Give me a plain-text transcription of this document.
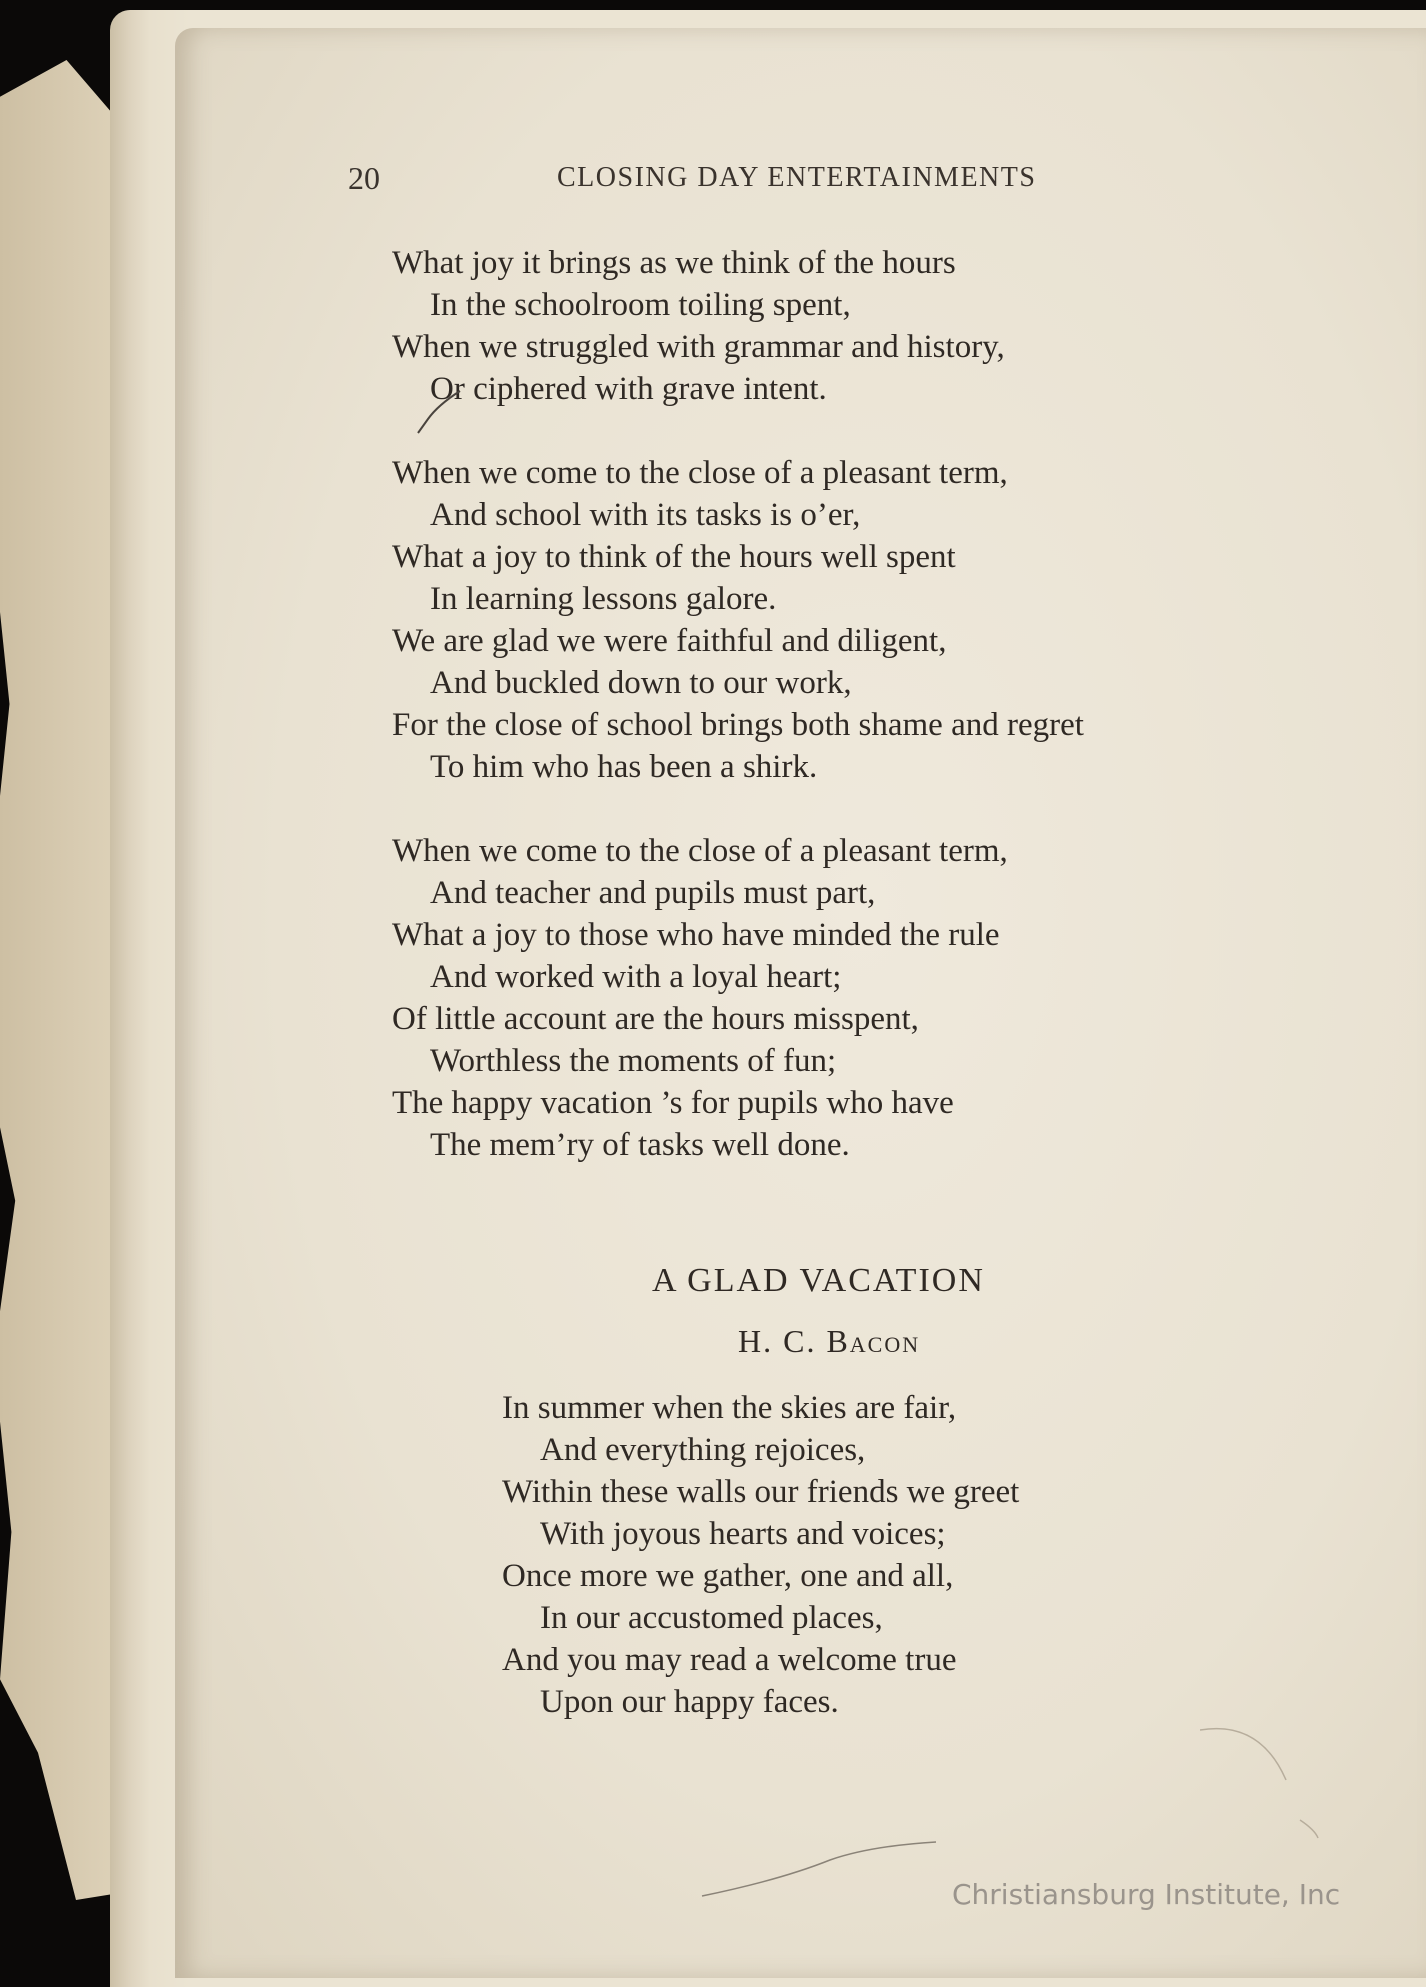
20	CLOSING DAY ENTERTAINMENTS
What joy it brings as we think of the hours
In the schoolroom toiling spent,
When we struggled with grammar and history,
Or ciphered with grave intent.
When we come to the close of a pleasant term,
And school with its tasks is o’er,
What a joy to think of the hours well spent
In learning lessons galore.
We are glad we were faithful and diligent,
And buckled down to our work,
For the close of school brings both shame and regret
To him who has been a shirk.
When we come to the close of a pleasant term,
And teacher and pupils must part,
What a joy to those who have minded the rule
And worked with a loyal heart;
Of little account are the hours misspent,
Worthless the moments of fun;
The happy vacation ’s for pupils who have
The mem’ry of tasks well done.
A GLAD VACATION
H. C. Bacon
In summer when the skies are fair,
And everything rejoices,
Within these walls our friends we greet
With joyous hearts and voices;
Once more we gather, one and all,
In our accustomed places,
And you may read a welcome true
Upon our happy faces.
Christiansburg Institute, Inc
